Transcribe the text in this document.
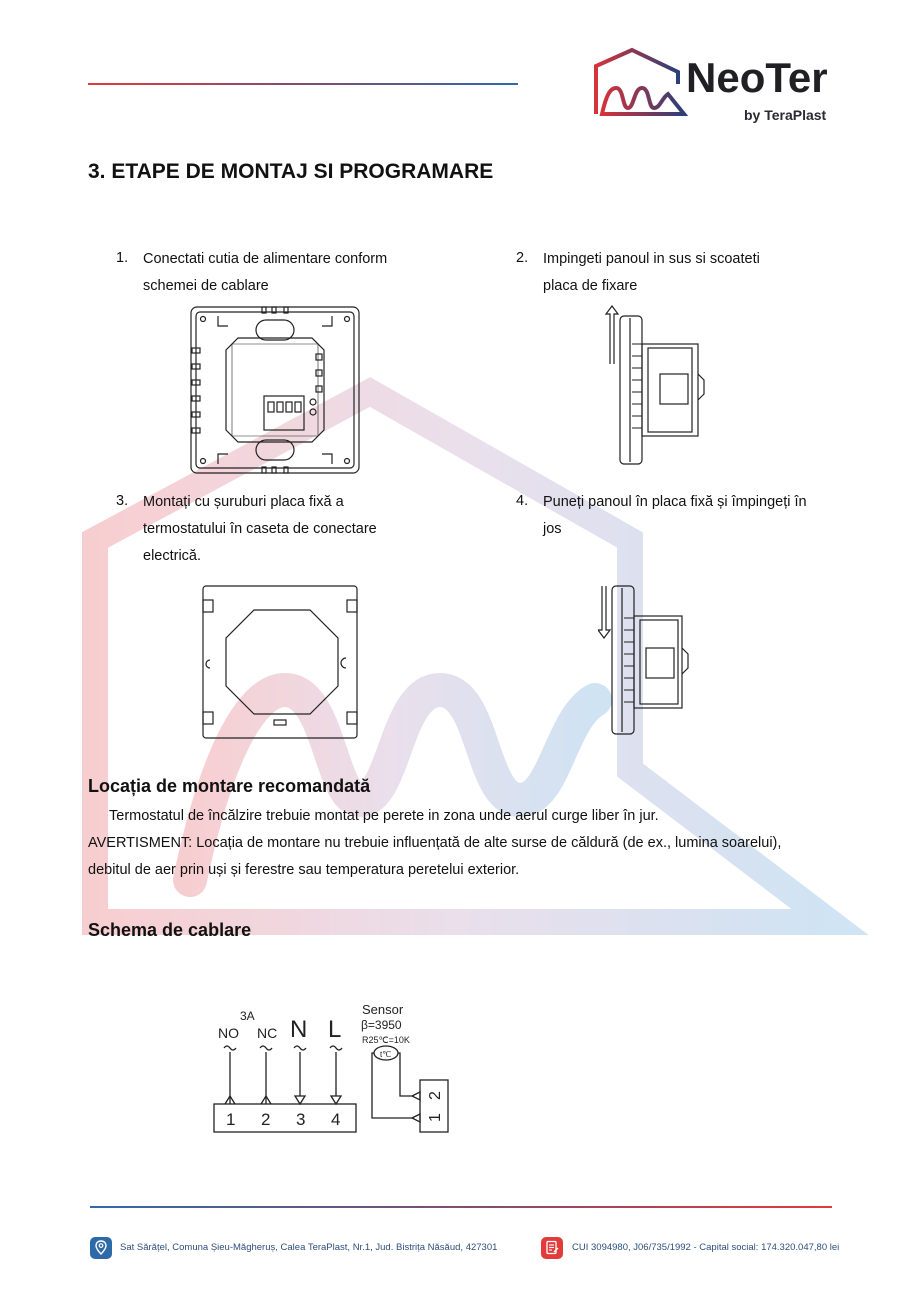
NeoTer
by TeraPlast
3. ETAPE DE MONTAJ SI PROGRAMARE
1. Conectati cutia de alimentare conform
schemei de cablare
2. Impingeti panoul in sus si scoateti
placa de fixare
3. Montați cu șuruburi placa fixă a
termostatului în caseta de conectare
electrică.
4. Puneți panoul în placa fixă și împingeți în
jos
Locația de montare recomandată
Termostatul de încălzire trebuie montat pe perete in zona unde aerul curge liber în jur.
AVERTISMENT: Locația de montare nu trebuie influențată de alte surse de căldură (de ex., lumina soarelui),
debitul de aer prin uși și ferestre sau temperatura peretelui exterior.
Schema de cablare
3A
NO NC N L
Sensor
β=3950
R25℃=10K
t℃
1 2 3 4	1
2
Sat Sărățel, Comuna Șieu-Măgheruș, Calea TeraPlast, Nr.1, Jud. Bistrița Năsăud, 427301	CUI 3094980, J06/735/1992 - Capital social: 174.320.047,80 lei
